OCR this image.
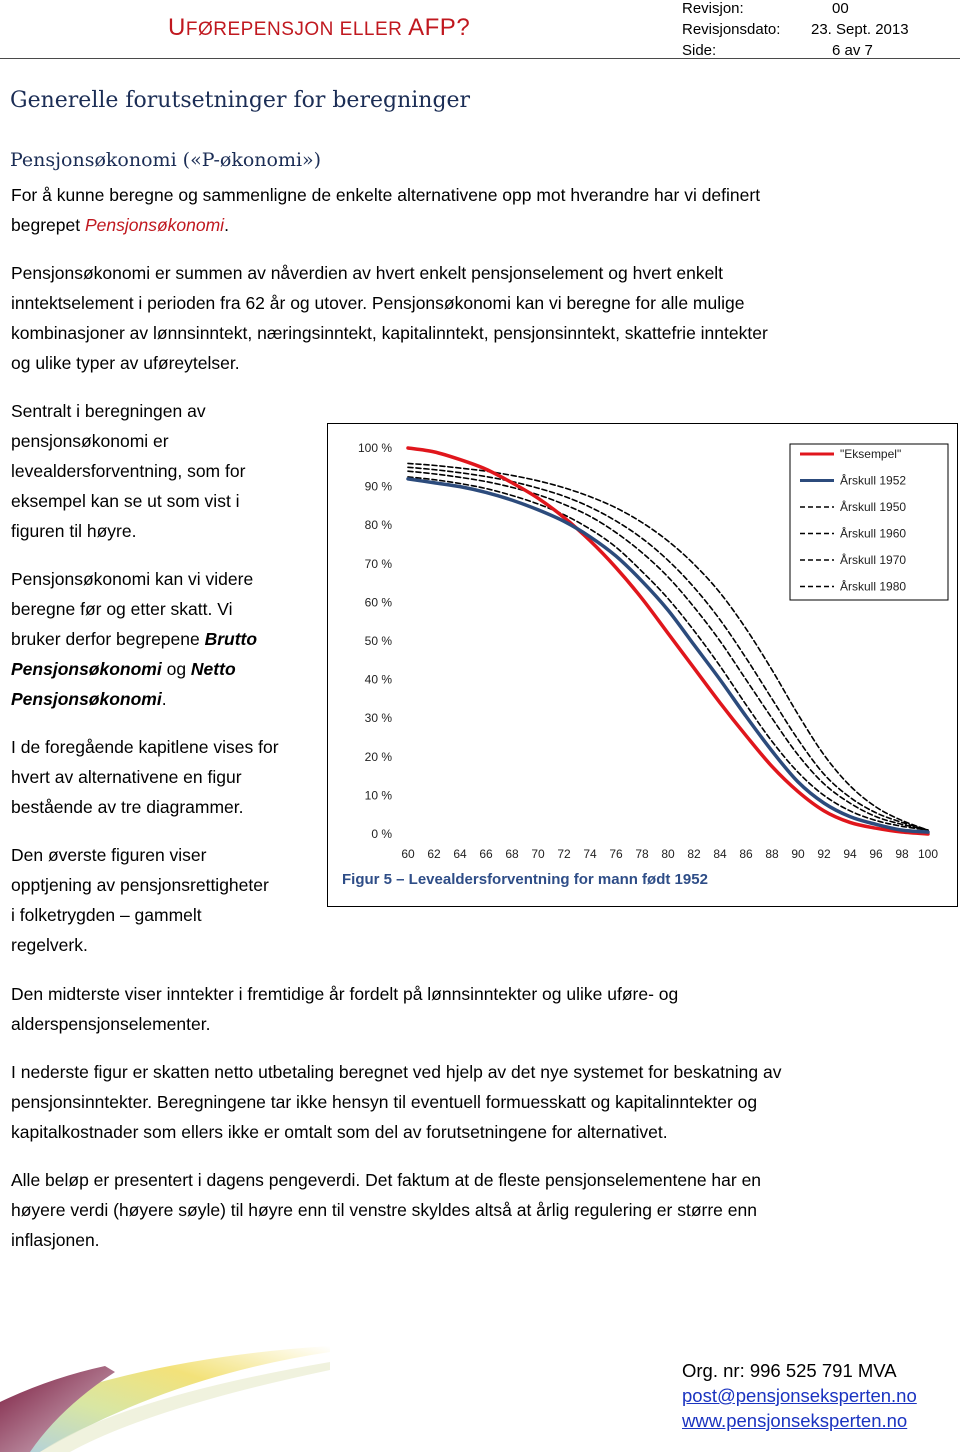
UFØREPENSJON ELLER AFP?
Revisjon:	00
Revisjonsdato: 23. Sept. 2013
Side:	6 av 7
Generelle forutsetninger for beregninger
Pensjonsøkonomi («P-økonomi»)
For å kunne beregne og sammenligne de enkelte alternativene opp mot hverandre har vi definert
begrepet Pensjonsøkonomi.
Pensjonsøkonomi er summen av nåverdien av hvert enkelt pensjonselement og hvert enkelt
inntektselement i perioden fra 62 år og utover. Pensjonsøkonomi kan vi beregne for alle mulige
kombinasjoner av lønnsinntekt, næringsinntekt, kapitalinntekt, pensjonsinntekt, skattefrie inntekter
og ulike typer av uføreytelser.
Sentralt i beregningen av
pensjonsøkonomi er
levealdersforventning, som for
eksempel kan se ut som vist i
figuren til høyre.
Pensjonsøkonomi kan vi videre
beregne før og etter skatt. Vi
bruker derfor begrepene Brutto
Pensjonsøkonomi og Netto
Pensjonsøkonomi.
I de foregående kapitlene vises for
hvert av alternativene en figur
bestående av tre diagrammer.
Den øverste figuren viser
opptjening av pensjonsrettigheter
i folketrygden – gammelt
regelverk.
0 %
10 %
20 %
30 %
40 %
50 %
60 %
70 %
80 %
90 %
100 %
60 62 64 66 68 70 72 74 76 78 80 82 84 86 88 90 92 94 96 98 100
"Eksempel"
Årskull 1952
Årskull 1950
Årskull 1960
Årskull 1970
Årskull 1980
Figur 5 – Levealdersforventning for mann født 1952
Den midterste viser inntekter i fremtidige år fordelt på lønnsinntekter og ulike uføre- og
alderspensjonselementer.
I nederste figur er skatten netto utbetaling beregnet ved hjelp av det nye systemet for beskatning av
pensjonsinntekter. Beregningene tar ikke hensyn til eventuell formuesskatt og kapitalinntekter og
kapitalkostnader som ellers ikke er omtalt som del av forutsetningene for alternativet.
Alle beløp er presentert i dagens pengeverdi. Det faktum at de fleste pensjonselementene har en
høyere verdi (høyere søyle) til høyre enn til venstre skyldes altså at årlig regulering er større enn
inflasjonen.
Org. nr: 996 525 791 MVA
post@pensjonseksperten.no
www.pensjonseksperten.no
